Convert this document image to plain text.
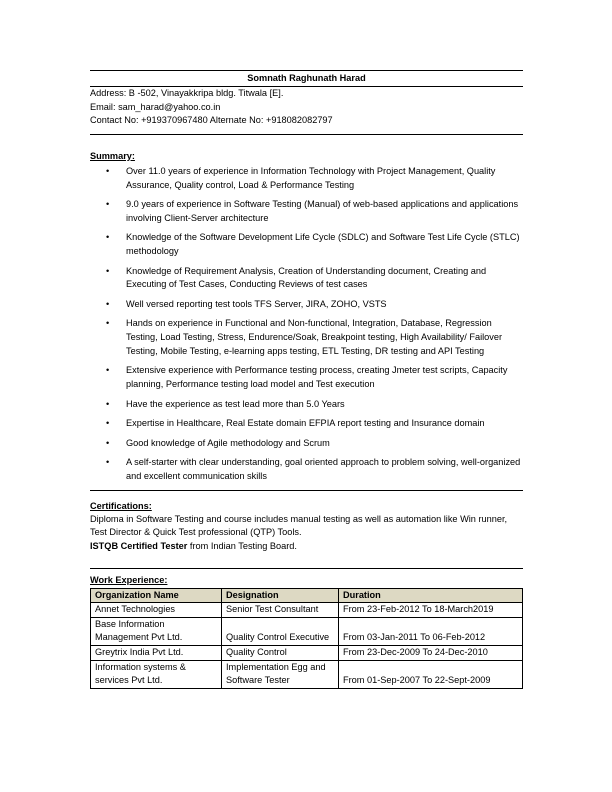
Somnath Raghunath Harad
Address: B -502, Vinayakkripa bldg. Titwala [E].
Email: sam_harad@yahoo.co.in
Contact No: +919370967480 Alternate No: +918082082797
Summary:
• Over 11.0 years of experience in Information Technology with Project Management, Quality Assurance, Quality control, Load & Performance Testing
• 9.0 years of experience in Software Testing (Manual) of web-based applications and applications involving Client-Server architecture
• Knowledge of the Software Development Life Cycle (SDLC) and Software Test Life Cycle (STLC) methodology
• Knowledge of Requirement Analysis, Creation of Understanding document, Creating and Executing of Test Cases, Conducting Reviews of test cases
• Well versed reporting test tools TFS Server, JIRA, ZOHO, VSTS
• Hands on experience in Functional and Non-functional, Integration, Database, Regression Testing, Load Testing, Stress, Endurence/Soak, Breakpoint testing, High Availability/ Failover Testing, Mobile Testing, e-learning apps testing, ETL Testing, DR testing and API Testing
• Extensive experience with Performance testing process, creating Jmeter test scripts, Capacity planning, Performance testing load model and Test execution
• Have the experience as test lead more than 5.0 Years
• Expertise in Healthcare, Real Estate domain EFPIA report testing and Insurance domain
• Good knowledge of Agile methodology and Scrum
• A self-starter with clear understanding, goal oriented approach to problem solving, well-organized and excellent communication skills
Certifications:
Diploma in Software Testing and course includes manual testing as well as automation like Win runner, Test Director & Quick Test professional (QTP) Tools.
ISTQB Certified Tester from Indian Testing Board.
Work Experience:
Organization Name	Designation	Duration
Annet Technologies	Senior Test Consultant	From 23-Feb-2012 To 18-March2019
Base Information Management Pvt Ltd.	Quality Control Executive	From 03-Jan-2011 To 06-Feb-2012
Greytrix India Pvt Ltd.	Quality Control	From 23-Dec-2009 To 24-Dec-2010
Information systems & services Pvt Ltd.	Implementation Egg and Software Tester	From 01-Sep-2007 To 22-Sept-2009
